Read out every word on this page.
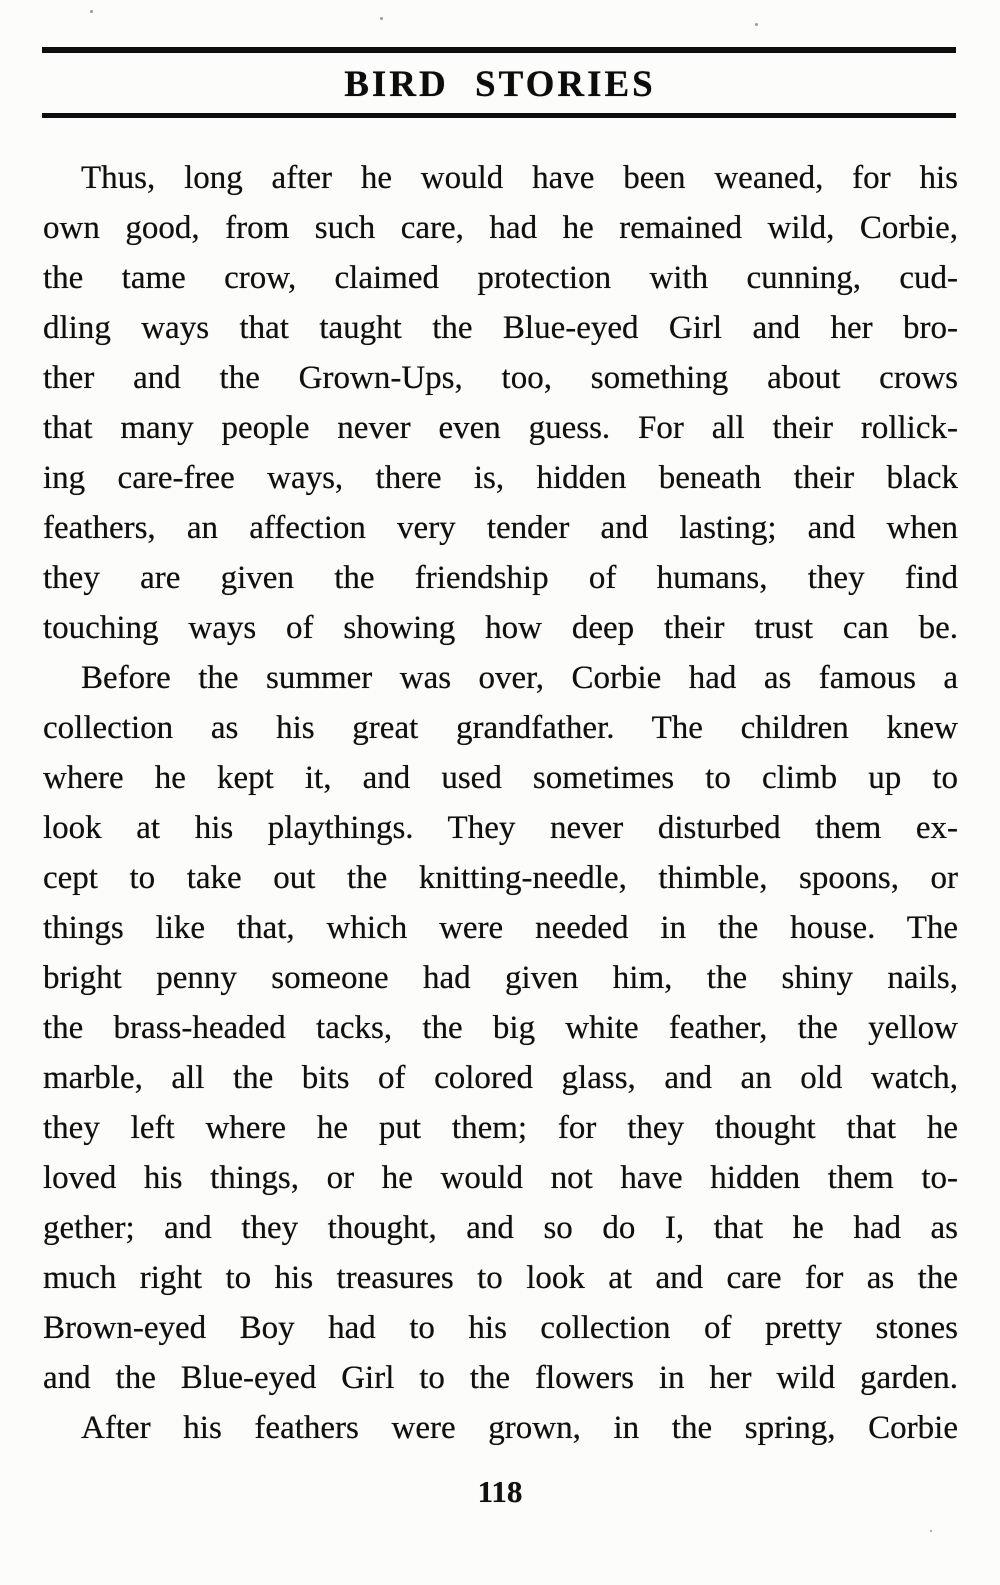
BIRD STORIES
Thus, long after he would have been weaned, for his
own good, from such care, had he remained wild, Corbie,
the tame crow, claimed protection with cunning, cud-
dling ways that taught the Blue-eyed Girl and her bro-
ther and the Grown-Ups, too, something about crows
that many people never even guess. For all their rollick-
ing care-free ways, there is, hidden beneath their black
feathers, an affection very tender and lasting; and when
they are given the friendship of humans, they find
touching ways of showing how deep their trust can be.
Before the summer was over, Corbie had as famous a
collection as his great grandfather. The children knew
where he kept it, and used sometimes to climb up to
look at his playthings. They never disturbed them ex-
cept to take out the knitting-needle, thimble, spoons, or
things like that, which were needed in the house. The
bright penny someone had given him, the shiny nails,
the brass-headed tacks, the big white feather, the yellow
marble, all the bits of colored glass, and an old watch,
they left where he put them; for they thought that he
loved his things, or he would not have hidden them to-
gether; and they thought, and so do I, that he had as
much right to his treasures to look at and care for as the
Brown-eyed Boy had to his collection of pretty stones
and the Blue-eyed Girl to the flowers in her wild garden.
After his feathers were grown, in the spring, Corbie
118
